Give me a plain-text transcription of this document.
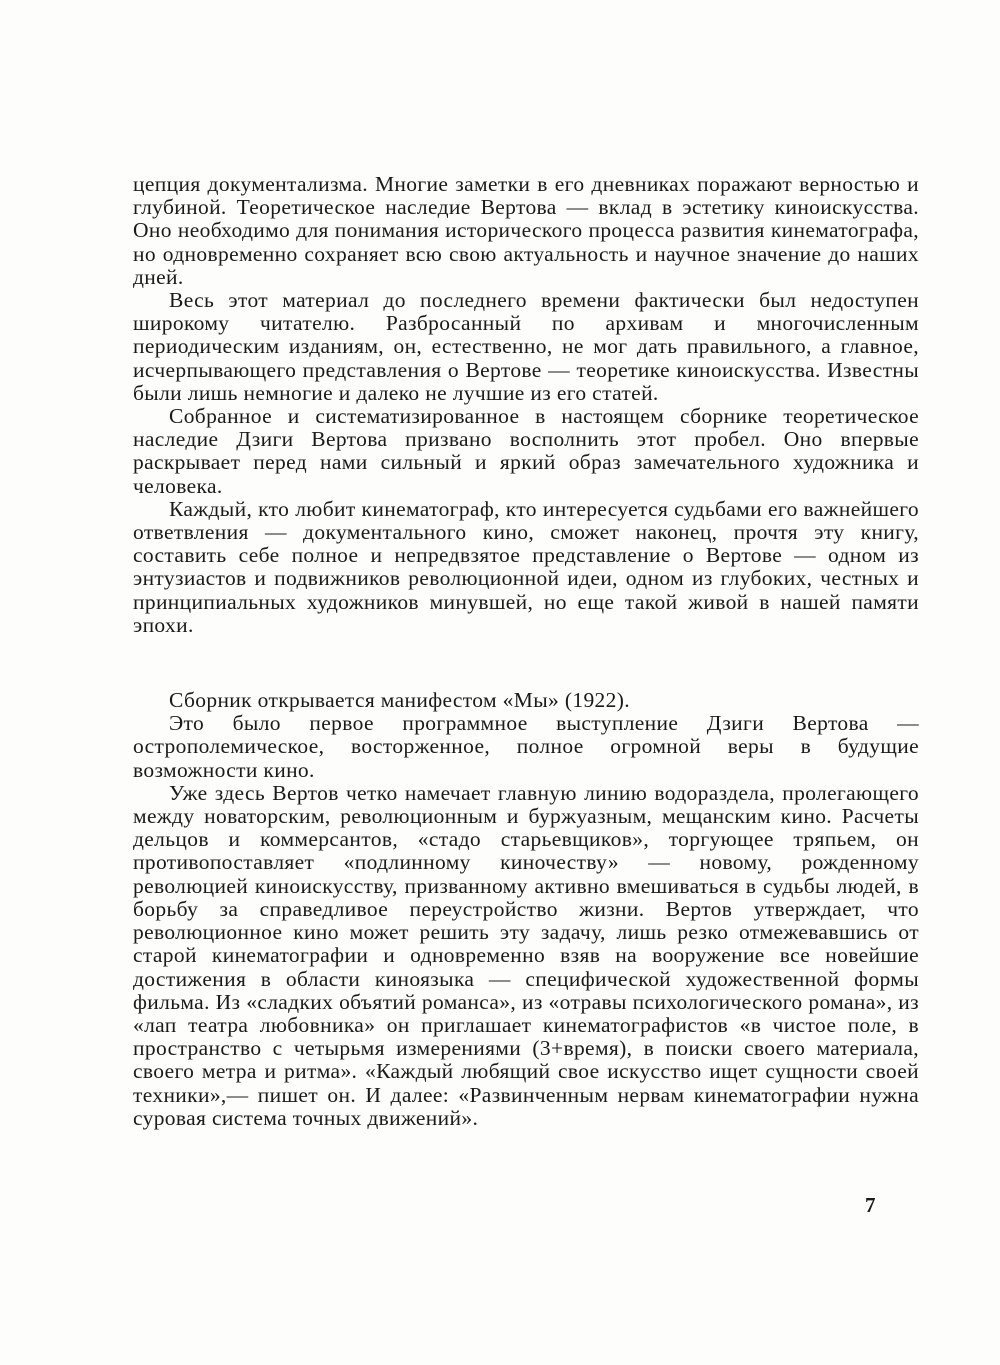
цепция документализма. Многие заметки в его дневниках поражают верностью и глубиной. Теоретическое наследие Вертова — вклад в эстетику киноискусства. Оно необходимо для понимания исторического процесса развития кинематографа, но одновременно сохраняет всю свою актуальность и научное значение до наших дней.

Весь этот материал до последнего времени фактически был недоступен широкому читателю. Разбросанный по архивам и многочисленным периодическим изданиям, он, естественно, не мог дать правильного, а главное, исчерпывающего представления о Вертове — теоретике киноискусства. Известны были лишь немногие и далеко не лучшие из его статей.

Собранное и систематизированное в настоящем сборнике теоретическое наследие Дзиги Вертова призвано восполнить этот пробел. Оно впервые раскрывает перед нами сильный и яркий образ замечательного художника и человека.

Каждый, кто любит кинематограф, кто интересуется судьбами его важнейшего ответвления — документального кино, сможет наконец, прочтя эту книгу, составить себе полное и непредвзятое представление о Вертове — одном из энтузиастов и подвижников революционной идеи, одном из глубоких, честных и принципиальных художников минувшей, но еще такой живой в нашей памяти эпохи.

Сборник открывается манифестом «Мы» (1922).

Это было первое программное выступление Дзиги Вертова — острополемическое, восторженное, полное огромной веры в будущие возможности кино.

Уже здесь Вертов четко намечает главную линию водораздела, пролегающего между новаторским, революционным и буржуазным, мещанским кино. Расчеты дельцов и коммерсантов, «стадо старьевщиков», торгующее тряпьем, он противопоставляет «подлинному киночеству» — новому, рожденному революцией киноискусству, призванному активно вмешиваться в судьбы людей, в борьбу за справедливое переустройство жизни. Вертов утверждает, что революционное кино может решить эту задачу, лишь резко отмежевавшись от старой кинематографии и одновременно взяв на вооружение все новейшие достижения в области киноязыка — специфической художественной формы фильма. Из «сладких объятий романса», из «отравы психологического романа», из «лап театра любовника» он приглашает кинематографистов «в чистое поле, в пространство с четырьмя измерениями (3+время), в поиски своего материала, своего метра и ритма». «Каждый любящий свое искусство ищет сущности своей техники»,— пишет он. И далее: «Развинченным нервам кинематографии нужна суровая система точных движений».

7
